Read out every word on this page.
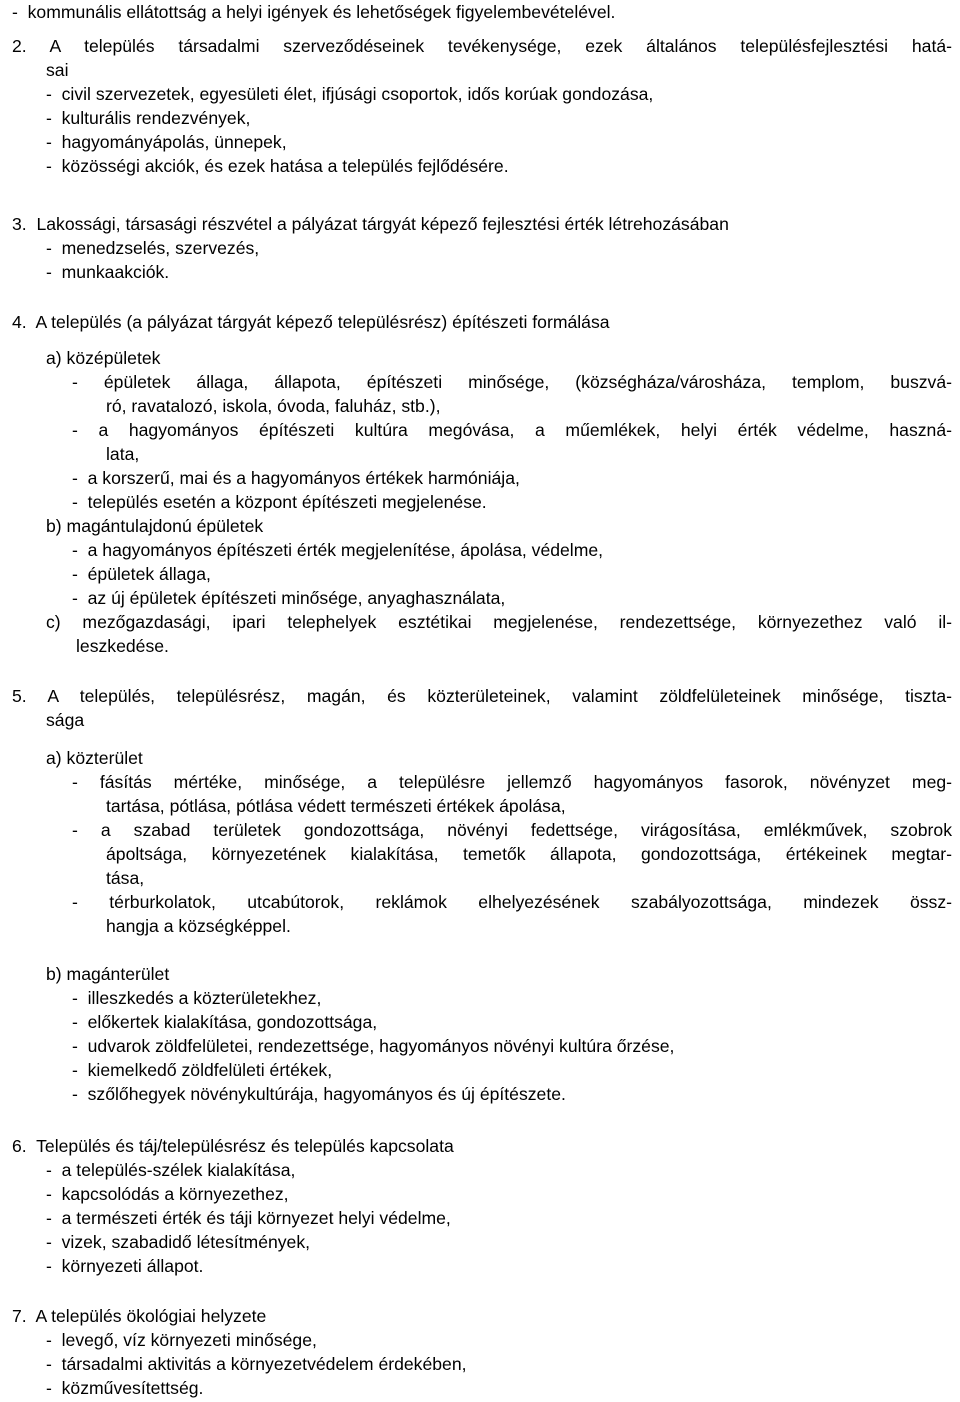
-  kommunális ellátottság a helyi igények és lehetőségek figyelembevételével.
2. A település társadalmi szerveződéseinek tevékenysége, ezek általános településfejlesztési hatá-
sai
-  civil szervezetek, egyesületi élet, ifjúsági csoportok, idős korúak gondozása,
-  kulturális rendezvények,
-  hagyományápolás, ünnepek,
-  közösségi akciók, és ezek hatása a település fejlődésére.
3.  Lakossági, társasági részvétel a pályázat tárgyát képező fejlesztési érték létrehozásában
-  menedzselés, szervezés,
-  munkaakciók.
4.  A település (a pályázat tárgyát képező településrész) építészeti formálása
a) középületek
- épületek állaga, állapota, építészeti minősége, (községháza/városháza, templom, buszvá-
ró, ravatalozó, iskola, óvoda, faluház, stb.),
- a hagyományos építészeti kultúra megóvása, a műemlékek, helyi érték védelme, haszná-
lata,
-  a korszerű, mai és a hagyományos értékek harmóniája,
-  település esetén a központ építészeti megjelenése.
b) magántulajdonú épületek
-  a hagyományos építészeti érték megjelenítése, ápolása, védelme,
-  épületek állaga,
-  az új épületek építészeti minősége, anyaghasználata,
c) mezőgazdasági, ipari telephelyek esztétikai megjelenése, rendezettsége, környezethez való il-
leszkedése.
5. A település, településrész, magán, és közterületeinek, valamint zöldfelületeinek minősége, tiszta-
sága
a) közterület
- fásítás mértéke, minősége, a településre jellemző hagyományos fasorok, növényzet meg-
tartása, pótlása, pótlása védett természeti értékek ápolása,
- a szabad területek gondozottsága, növényi fedettsége, virágosítása, emlékművek, szobrok
ápoltsága, környezetének kialakítása, temetők állapota, gondozottsága, értékeinek megtar-
tása,
- térburkolatok, utcabútorok, reklámok elhelyezésének szabályozottsága, mindezek össz-
hangja a községképpel.
b) magánterület
-  illeszkedés a közterületekhez,
-  előkertek kialakítása, gondozottsága,
-  udvarok zöldfelületei, rendezettsége, hagyományos növényi kultúra őrzése,
-  kiemelkedő zöldfelületi értékek,
-  szőlőhegyek növénykultúrája, hagyományos és új építészete.
6.  Település és táj/településrész és település kapcsolata
-  a település-szélek kialakítása,
-  kapcsolódás a környezethez,
-  a természeti érték és táji környezet helyi védelme,
-  vizek, szabadidő létesítmények,
-  környezeti állapot.
7.  A település ökológiai helyzete
-  levegő, víz környezeti minősége,
-  társadalmi aktivitás a környezetvédelem érdekében,
-  közművesítettség.
